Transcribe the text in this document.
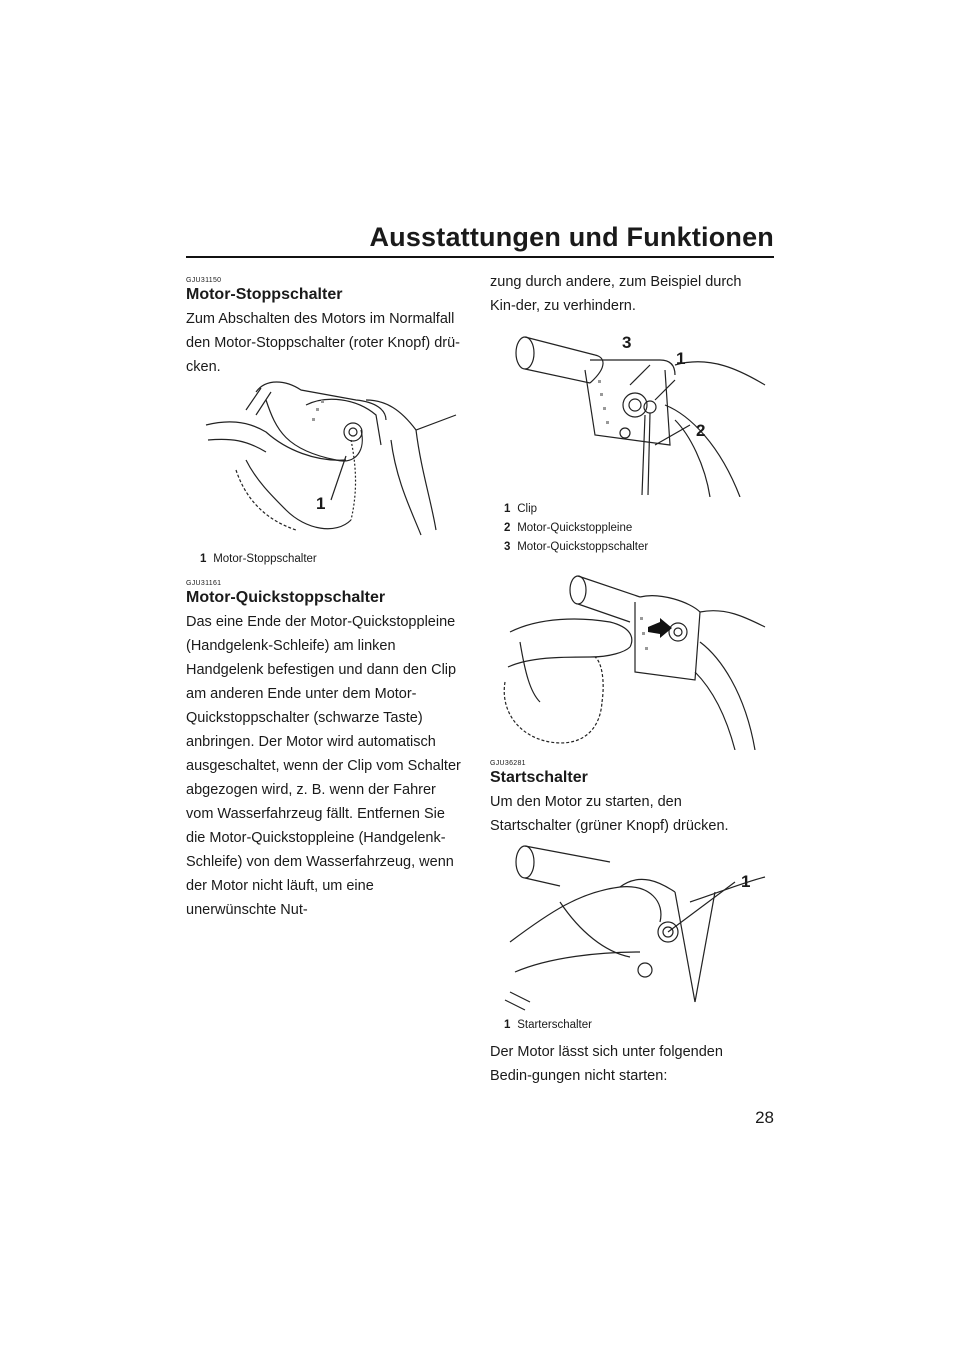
Ausstattungen und Funktionen
GJU31150
Motor-Stoppschalter

Zum Abschalten des Motors im Normalfall den Motor-Stoppschalter (roter Knopf) drü-cken.

1
1 Motor-Stoppschalter
GJU31161
Motor-Quickstoppschalter

Das eine Ende der Motor-Quickstoppleine (Handgelenk-Schleife) am linken Handgelenk befestigen und dann den Clip am anderen Ende unter dem Motor-Quickstoppschalter (schwarze Taste) anbringen. Der Motor wird automatisch ausgeschaltet, wenn der Clip vom Schalter abgezogen wird, z. B. wenn der Fahrer vom Wasserfahrzeug fällt. Entfernen Sie die Motor-Quickstoppleine (Handgelenk-Schleife) von dem Wasserfahrzeug, wenn der Motor nicht läuft, um eine unerwünschte Nut-

zung durch andere, zum Beispiel durch Kin-der, zu verhindern.

3
1
2
1 Clip
2 Motor-Quickstoppleine
3 Motor-Quickstoppschalter
GJU36281
Startschalter

Um den Motor zu starten, den Startschalter (grüner Knopf) drücken.

1
1 Starterschalter

Der Motor lässt sich unter folgenden Bedin-gungen nicht starten:

28
